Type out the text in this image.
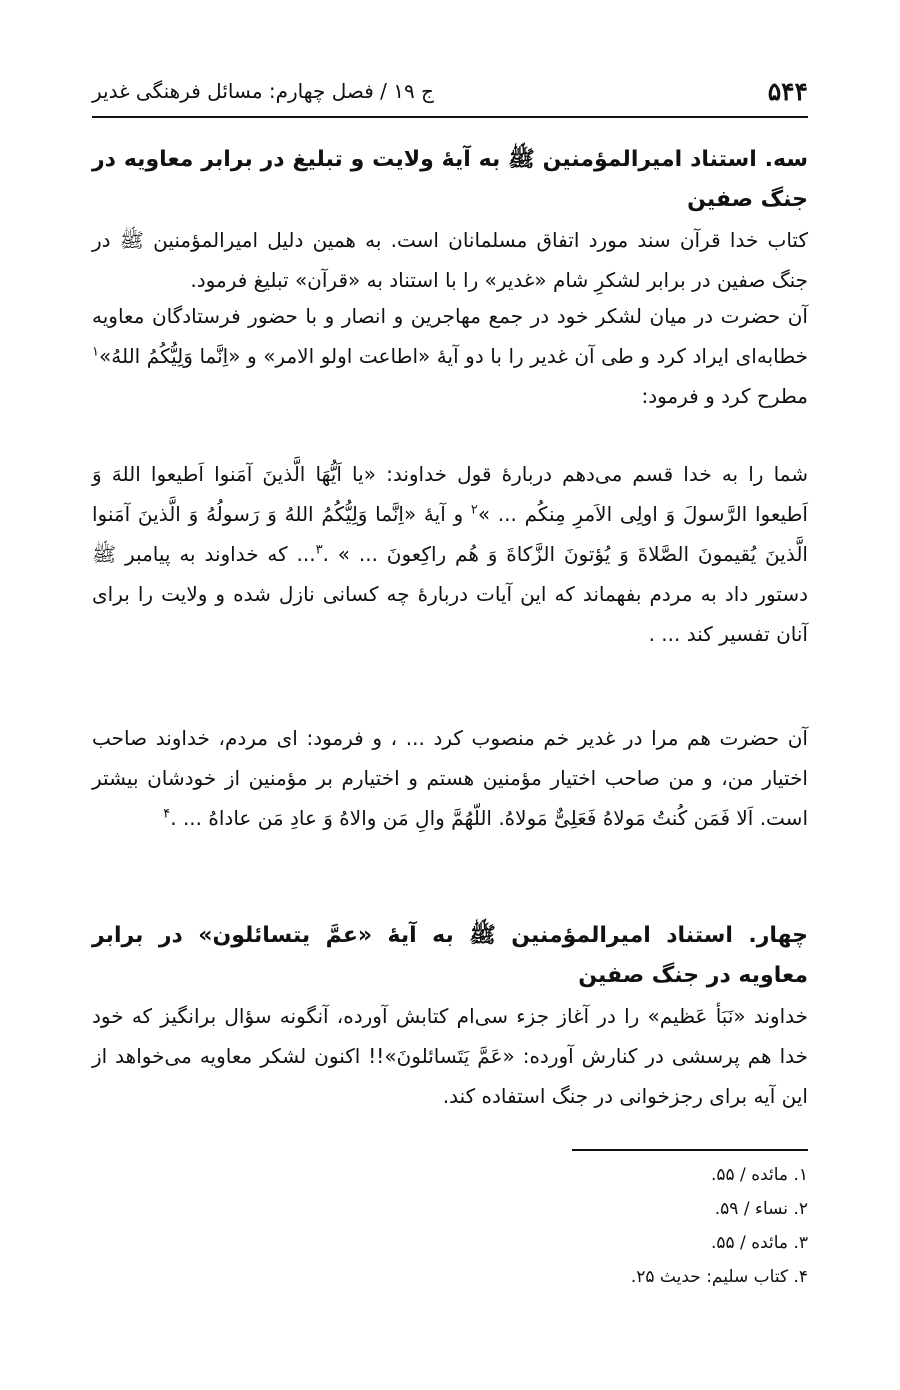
۵۴۴
ج ۱۹ / فصل چهارم: مسائل فرهنگی غدیر

سه. استناد امیرالمؤمنین ﷺ به آیهٔ ولایت و تبلیغ در برابر معاویه در جنگ صفین

کتاب خدا قرآن سند مورد اتفاق مسلمانان است. به همین دلیل امیرالمؤمنین ﷺ در جنگ صفین در برابر لشکرِ شام «غدیر» را با استناد به «قرآن» تبلیغ فرمود.

آن حضرت در میان لشکر خود در جمع مهاجرین و انصار و با حضور فرستادگان معاویه خطابه‌ای ایراد کرد و طی آن غدیر را با دو آیهٔ «اطاعت اولو الامر» و «اِنَّما وَلِیُّکُمُ اللهُ»$^۱$ مطرح کرد و فرمود:

شما را به خدا قسم می‌دهم دربارهٔ قول خداوند: «یا اَیُّهَا الَّذینَ آمَنوا اَطیعوا اللهَ وَ اَطیعوا الرَّسولَ وَ اولِی الاَمرِ مِنکُم ... »$^۲$ و آیهٔ «اِنَّما وَلِیُّکُمُ اللهُ وَ رَسولُهُ وَ الَّذینَ آمَنوا الَّذینَ یُقیمونَ الصَّلاةَ وَ یُؤتونَ الزَّکاةَ وَ هُم راکِعونَ ... » .$^۳$... که خداوند به پیامبر ﷺ دستور داد به مردم بفهماند که این آیات دربارهٔ چه کسانی نازل شده و ولایت را برای آنان تفسیر کند ... .

آن حضرت هم مرا در غدیر خم منصوب کرد ... ، و فرمود: ای مردم، خداوند صاحب اختیار من، و من صاحب اختیار مؤمنین هستم و اختیارم بر مؤمنین از خودشان بیشتر است. اَلا فَمَن کُنتُ مَولاهُ فَعَلِیٌّ مَولاهُ. اللّهُمَّ والِ مَن والاهُ وَ عادِ مَن عاداهُ ... .$^۴$

چهار. استناد امیرالمؤمنین ﷺ به آیهٔ «عمَّ یتسائلون» در برابر معاویه در جنگ صفین

خداوند «نَبَأ عَظیم» را در آغاز جزء سی‌ام کتابش آورده، آنگونه سؤال برانگیز که خود خدا هم پرسشی در کنارش آورده: «عَمَّ یَتَسائلونَ»!! اکنون لشکر معاویه می‌خواهد از این آیه برای رجزخوانی در جنگ استفاده کند.

۱. مائده / ۵۵.

۲. نساء / ۵۹.

۳. مائده / ۵۵.

۴. کتاب سلیم: حدیث ۲۵.
